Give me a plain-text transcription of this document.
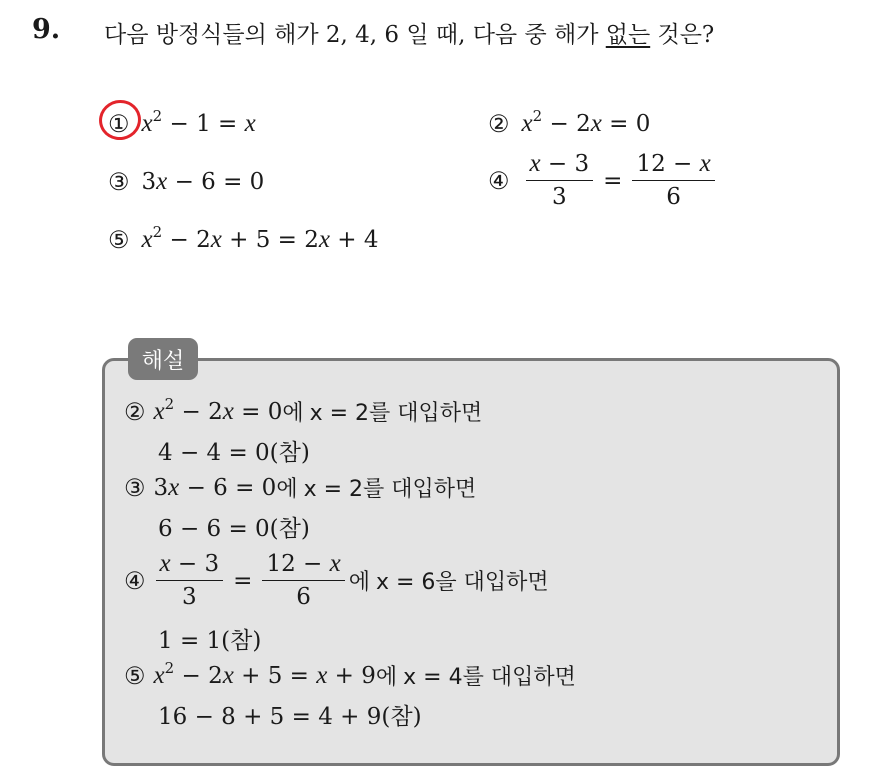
9. 다음 방정식들의 해가 2, 4, 6 일 때, 다음 중 해가 없는 것은?
① $x^2 - 1 = x$	② $x^2 - 2x = 0$
③ 3x − 6 = 0	④ $\frac{x - 3}{3} = \frac{12 - x}{6}$
⑤ $x^2 - 2x + 5 = 2x + 4$
해설
② $x^2 - 2x = 0$ 에 x = 2를 대입하면
4 − 4 = 0(참)
③ 3x − 6 = 0 에 x = 2를 대입하면
6 − 6 = 0(참)
④ $\frac{x - 3}{3} = \frac{12 - x}{6}$ 에 x = 6을 대입하면
1 = 1(참)
⑤ $x^2 - 2x + 5 = x + 9$ 에 x = 4를 대입하면
16 − 8 + 5 = 4 + 9(참)
